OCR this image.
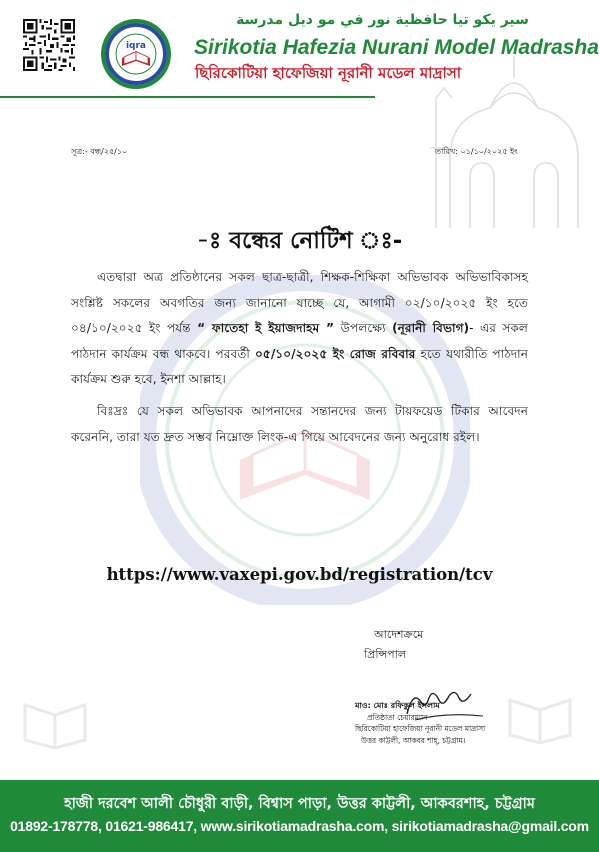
iqra
سير يكو تيا حافظية نور في مو ديل مدرسة
Sirikotia Hafezia Nurani Model Madrasha
ছিরিকোটিয়া হাফেজিয়া নূরানী মডেল মাদ্রাসা
সূত্র:- বন্ধ/২৫/১০	তারিখ: ০১/১০/২০২৫ ইং
-ঃ বন্ধের নোটিশ ঃ-

এতদ্বারা অত্র প্রতিষ্ঠানের সকল ছাত্র-ছাত্রী, শিক্ষক-শিক্ষিকা অভিভাবক অভিভাবিকাসহ সংশ্লিষ্ট সকলের অবগতির জন্য জানানো যাচ্ছে যে, আগামী ০২/১০/২০২৫ ইং হতে ০৪/১০/২০২৫ ইং পর্যন্ত “ ফাতেহা ই ইয়াজদাহম ” উপলক্ষ্যে (নূরানী বিভাগ)- এর সকল পাঠদান কার্যক্রম বন্ধ থাকবে। পরবর্তী ০৫/১০/২০২৫ ইং রোজ রবিবার হতে যথারীতি পাঠদান কার্যক্রম শুরু হবে, ইনশা আল্লাহ।

বিঃদ্রঃ যে সকল অভিভাবক আপনাদের সন্তানদের জন্য টায়ফয়েড টিকার আবেদন করেননি, তারা যত দ্রুত সম্ভব নিম্নোক্ত লিংক-এ গিয়ে আবেদনের জন্য অনুরোধ রইল।

https://www.vaxepi.gov.bd/registration/tcv
আদেশক্রমে
প্রিন্সিপাল
মাও: মোঃ রফিকুল ইসলাম
প্রতিষ্ঠাতা চেয়ারম্যান
ছিরিকোটিয়া হাফেজিয়া নূরানী মডেল মাদ্রাসা
উত্তর কাট্টলী, আকবর শাহ্, চট্টগ্রাম।
হাজী দরবেশ আলী চৌধুরী বাড়ী, বিশ্বাস পাড়া, উত্তর কাট্টলী, আকবরশাহ, চট্টগ্রাম
01892-178778, 01621-986417, www.sirikotiamadrasha.com, sirikotiamadrasha@gmail.com
